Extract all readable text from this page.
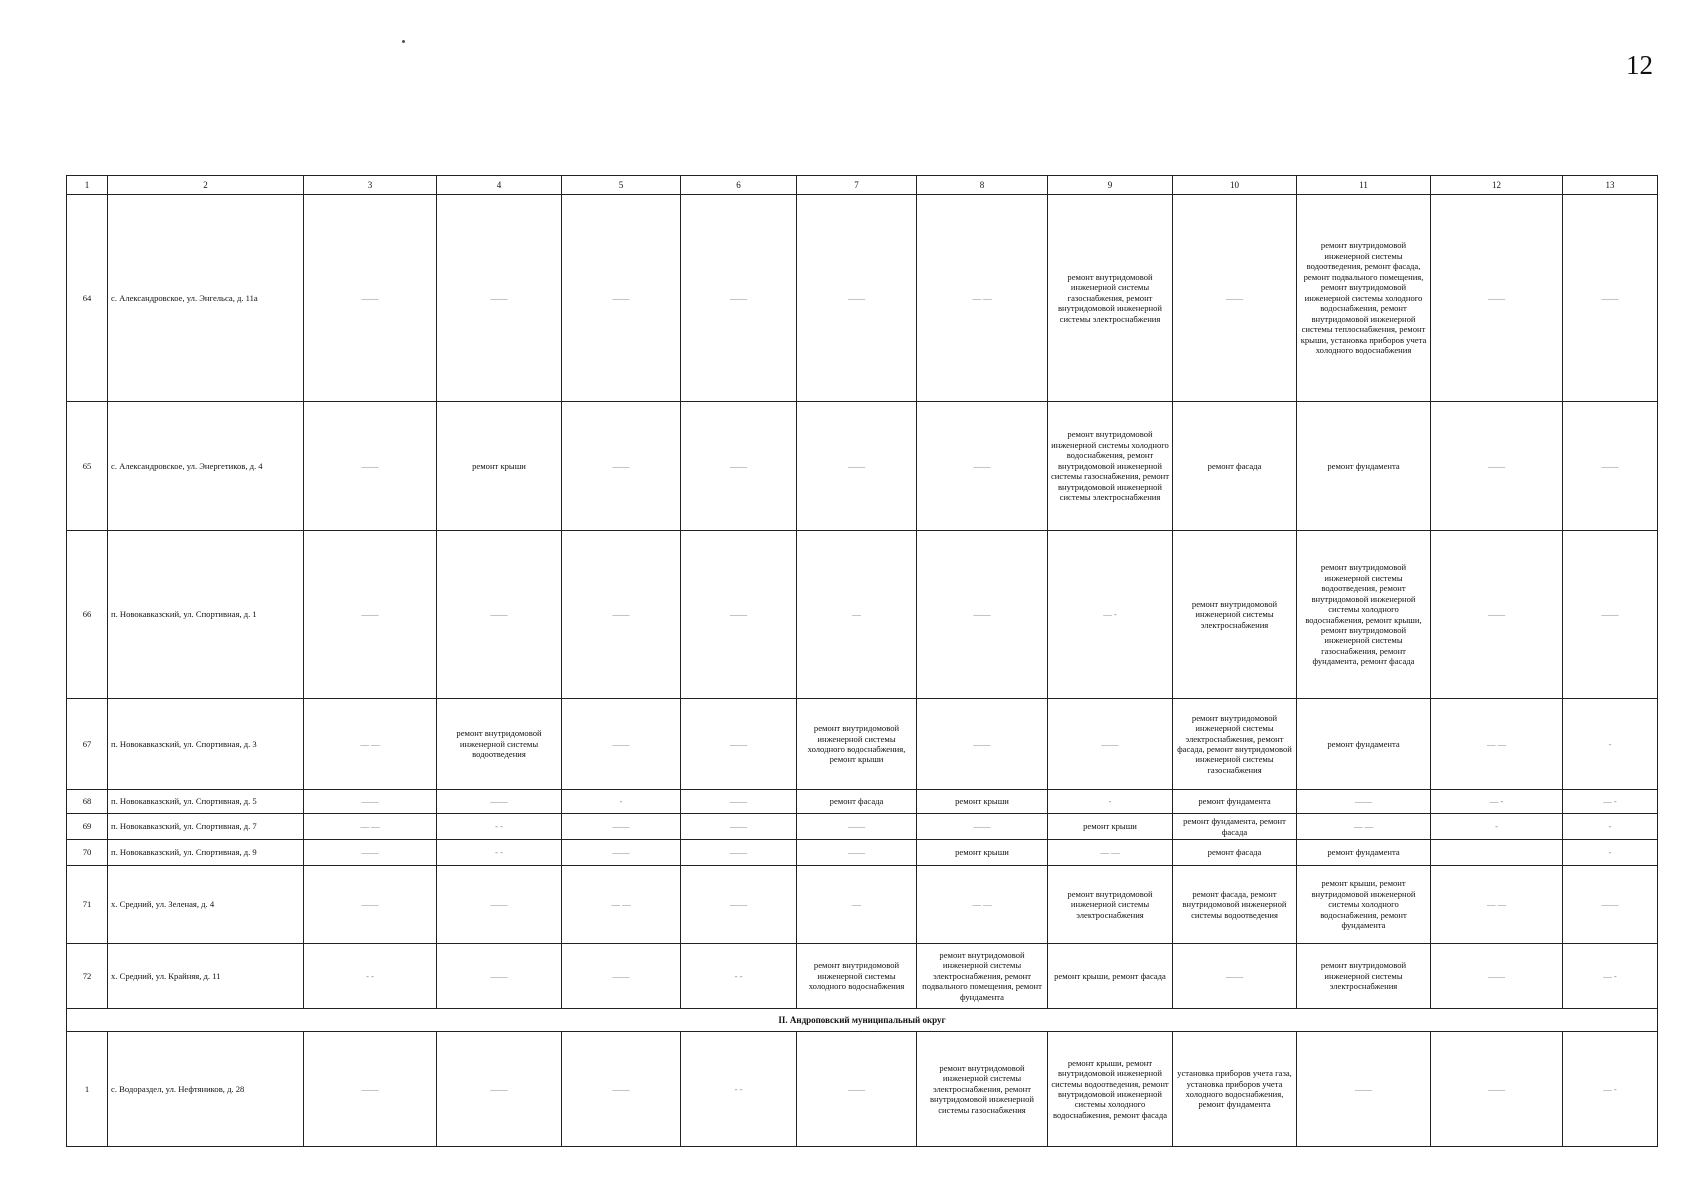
12
1	2	3	4	5	6	7	8	9	10	11	12	13
64	с. Александровское, ул. Энгельса, д. 11а	——	——	——	——	——	— —	ремонт внутридомовой инженерной системы газоснабжения, ремонт внутридомовой инженерной системы электроснабжения	——	ремонт внутридомовой инженерной системы водоотведения, ремонт фасада, ремонт подвального помещения, ремонт внутридомовой инженерной системы холодного водоснабжения, ремонт внутридомовой инженерной системы теплоснабжения, ремонт крыши, установка приборов учета холодного водоснабжения	——	——
65	с. Александровское, ул. Энергетиков, д. 4	——	ремонт крыши	——	——	——	——	ремонт внутридомовой инженерной системы холодного водоснабжения, ремонт внутридомовой инженерной системы газоснабжения, ремонт внутридомовой инженерной системы электроснабжения	ремонт фасада	ремонт фундамента	——	——
66	п. Новокавказский, ул. Спортивная, д. 1	——	——	——	——	—	——	— -	ремонт внутридомовой инженерной системы электроснабжения	ремонт внутридомовой инженерной системы водоотведения, ремонт внутридомовой инженерной системы холодного водоснабжения, ремонт крыши, ремонт внутридомовой инженерной системы газоснабжения, ремонт фундамента, ремонт фасада	——	——
67	п. Новокавказский, ул. Спортивная, д. 3	— —	ремонт внутридомовой инженерной системы водоотведения	——	——	ремонт внутридомовой инженерной системы холодного водоснабжения, ремонт крыши	——	——	ремонт внутридомовой инженерной системы электроснабжения, ремонт фасада, ремонт внутридомовой инженерной системы газоснабжения	ремонт фундамента	— —	-
68	п. Новокавказский, ул. Спортивная, д. 5	——	——	-	——	ремонт фасада	ремонт крыши	-	ремонт фундамента	——	— -	— -
69	п. Новокавказский, ул. Спортивная, д. 7	— —	- -	——	——	——	——	ремонт крыши	ремонт фундамента, ремонт фасада	— —	-	-
70	п. Новокавказский, ул. Спортивная, д. 9	——	- -	——	——	——	ремонт крыши	— —	ремонт фасада	ремонт фундамента		-
71	х. Средний, ул. Зеленая, д. 4	——	——	— —	——	—	— —	ремонт внутридомовой инженерной системы электроснабжения	ремонт фасада, ремонт внутридомовой инженерной системы водоотведения	ремонт крыши, ремонт внутридомовой инженерной системы холодного водоснабжения, ремонт фундамента	— —	——
72	х. Средний, ул. Крайняя, д. 11	- -	——	——	- -	ремонт внутридомовой инженерной системы холодного водоснабжения	ремонт внутридомовой инженерной системы электроснабжения, ремонт подвального помещения, ремонт фундамента	ремонт крыши, ремонт фасада	——	ремонт внутридомовой инженерной системы электроснабжения	——	— -
II. Андроповский муниципальный округ												
1	с. Водораздел, ул. Нефтяников, д. 28	——	——	——	- -	——	ремонт внутридомовой инженерной системы электроснабжения, ремонт внутридомовой инженерной системы газоснабжения	ремонт крыши, ремонт внутридомовой инженерной системы водоотведения, ремонт внутридомовой инженерной системы холодного водоснабжения, ремонт фасада	установка приборов учета газа, установка приборов учета холодного водоснабжения, ремонт фундамента	——	——	— -
